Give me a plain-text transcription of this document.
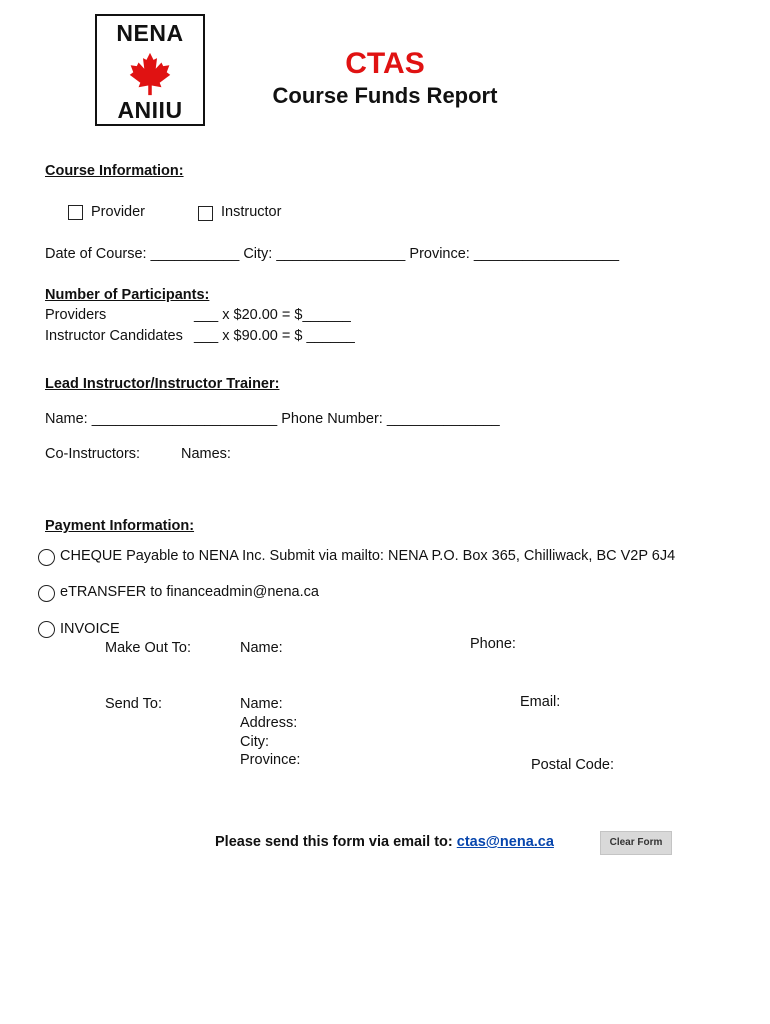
NENA
ANIIU
CTAS
Course Funds Report
Course Information:
Provider	Instructor
Date of Course: ___________ City: ________________ Province: __________________
Number of Participants:
Providers	___ x $20.00 = $______
Instructor Candidates ___ x $90.00 = $ ______
Lead Instructor/Instructor Trainer:
Name: _______________________ Phone Number: ______________
Co-Instructors:	Names:
Payment Information:
CHEQUE Payable to NENA Inc. Submit via mailto: NENA P.O. Box 365, Chilliwack, BC V2P 6J4
eTRANSFER to financeadmin@nena.ca
INVOICE
Make Out To:	Name:	Phone:
Send To:	Name:	Email:
Address:
City:
Province:	Postal Code:
Please send this form via email to: ctas@nena.ca	Clear Form
